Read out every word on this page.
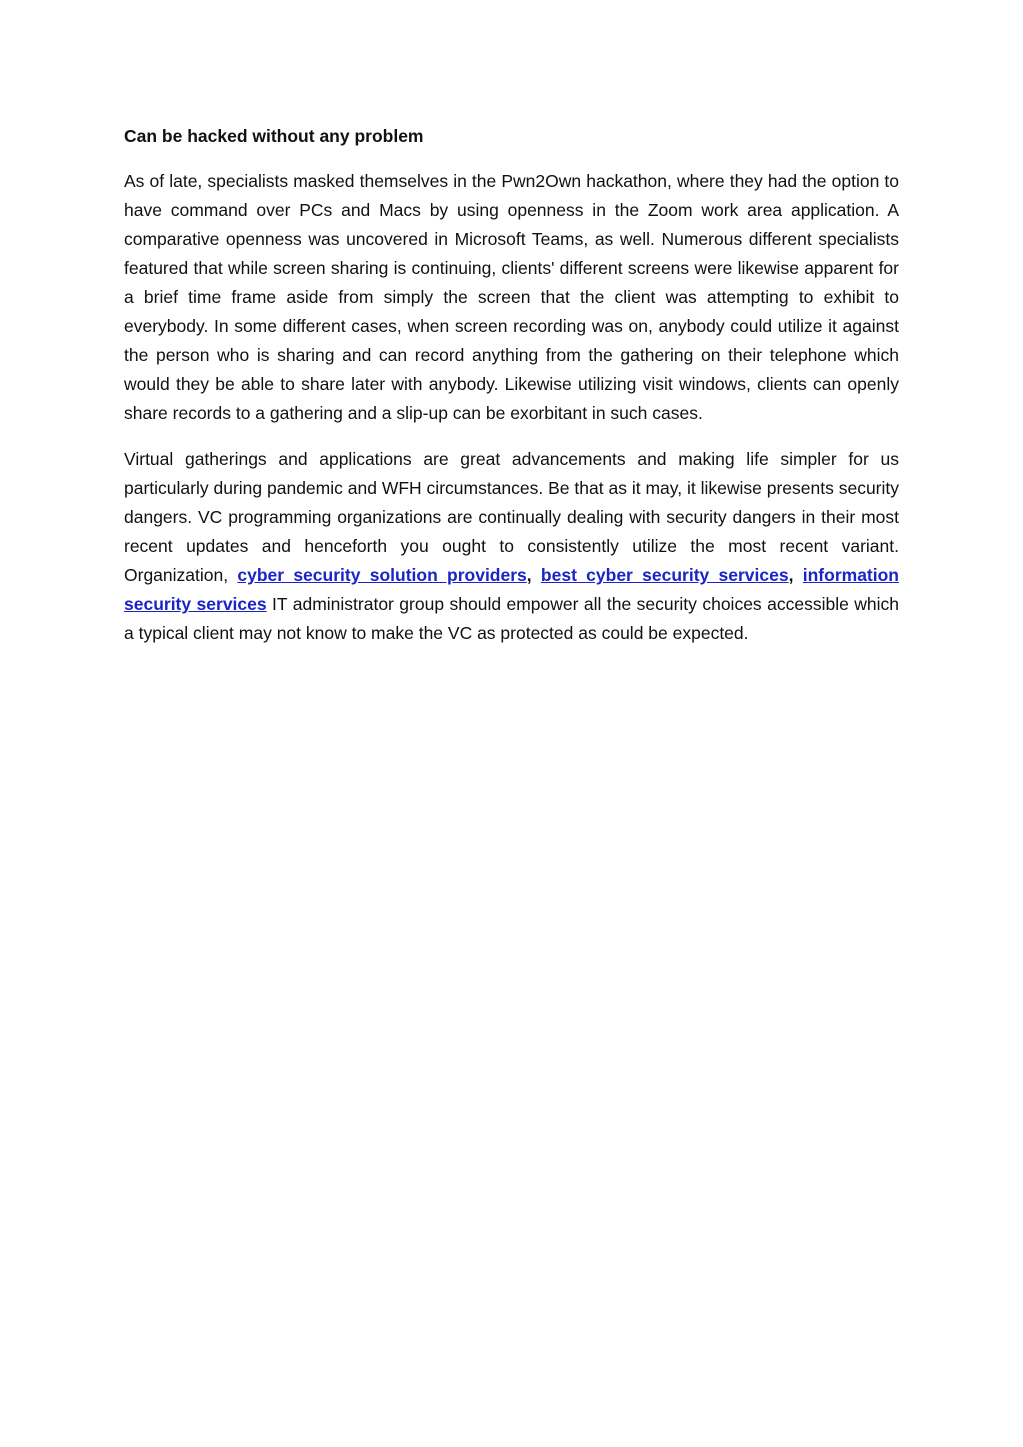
Can be hacked without any problem

As of late, specialists masked themselves in the Pwn2Own hackathon, where they had the option to have command over PCs and Macs by using openness in the Zoom work area application. A comparative openness was uncovered in Microsoft Teams, as well. Numerous different specialists featured that while screen sharing is continuing, clients' different screens were likewise apparent for a brief time frame aside from simply the screen that the client was attempting to exhibit to everybody. In some different cases, when screen recording was on, anybody could utilize it against the person who is sharing and can record anything from the gathering on their telephone which would they be able to share later with anybody. Likewise utilizing visit windows, clients can openly share records to a gathering and a slip-up can be exorbitant in such cases.

Virtual gatherings and applications are great advancements and making life simpler for us particularly during pandemic and WFH circumstances. Be that as it may, it likewise presents security dangers. VC programming organizations are continually dealing with security dangers in their most recent updates and henceforth you ought to consistently utilize the most recent variant. Organization, cyber security solution providers, best cyber security services, information security services IT administrator group should empower all the security choices accessible which a typical client may not know to make the VC as protected as could be expected.
